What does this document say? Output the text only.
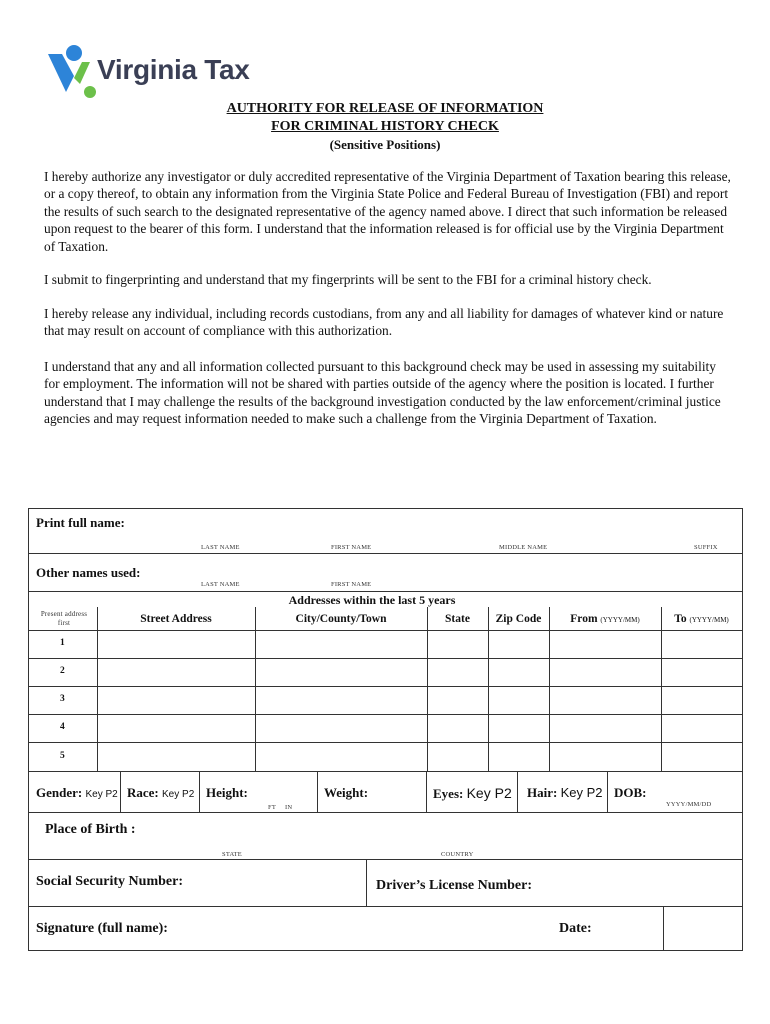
Virginia Tax
AUTHORITY FOR RELEASE OF INFORMATION
FOR CRIMINAL HISTORY CHECK
(Sensitive Positions)
I hereby authorize any investigator or duly accredited representative of the Virginia Department of Taxation bearing this release, or a copy thereof, to obtain any information from the Virginia State Police and Federal Bureau of Investigation (FBI) and report the results of such search to the designated representative of the agency named above. I direct that such information be released upon request to the bearer of this form. I understand that the information released is for official use by the Virginia Department of Taxation.
I submit to fingerprinting and understand that my fingerprints will be sent to the FBI for a criminal history check.
I hereby release any individual, including records custodians, from any and all liability for damages of whatever kind or nature that may result on account of compliance with this authorization.
I understand that any and all information collected pursuant to this background check may be used in assessing my suitability for employment. The information will not be shared with parties outside of the agency where the position is located. I further understand that I may challenge the results of the background investigation conducted by the law enforcement/criminal justice agencies and may request information needed to make such a challenge from the Virginia Department of Taxation.
Print full name:
LAST NAME	FIRST NAME	MIDDLE NAME	SUFFIX
Other names used:
LAST NAME	FIRST NAME
Addresses within the last 5 years
Present address
first	Street Address	City/County/Town	State	Zip Code	From (YYYY/MM)	To (YYYY/MM)
1
2
3
4
5
Gender: Key P2 Race: Key P2 Height:
FT IN
Weight:	Eyes: Key P2 Hair: Key P2 DOB:
YYYY/MM/DD
Place of Birth :
STATE	COUNTRY
Social Security Number:	Driver’s License Number:
Signature (full name):	Date:
